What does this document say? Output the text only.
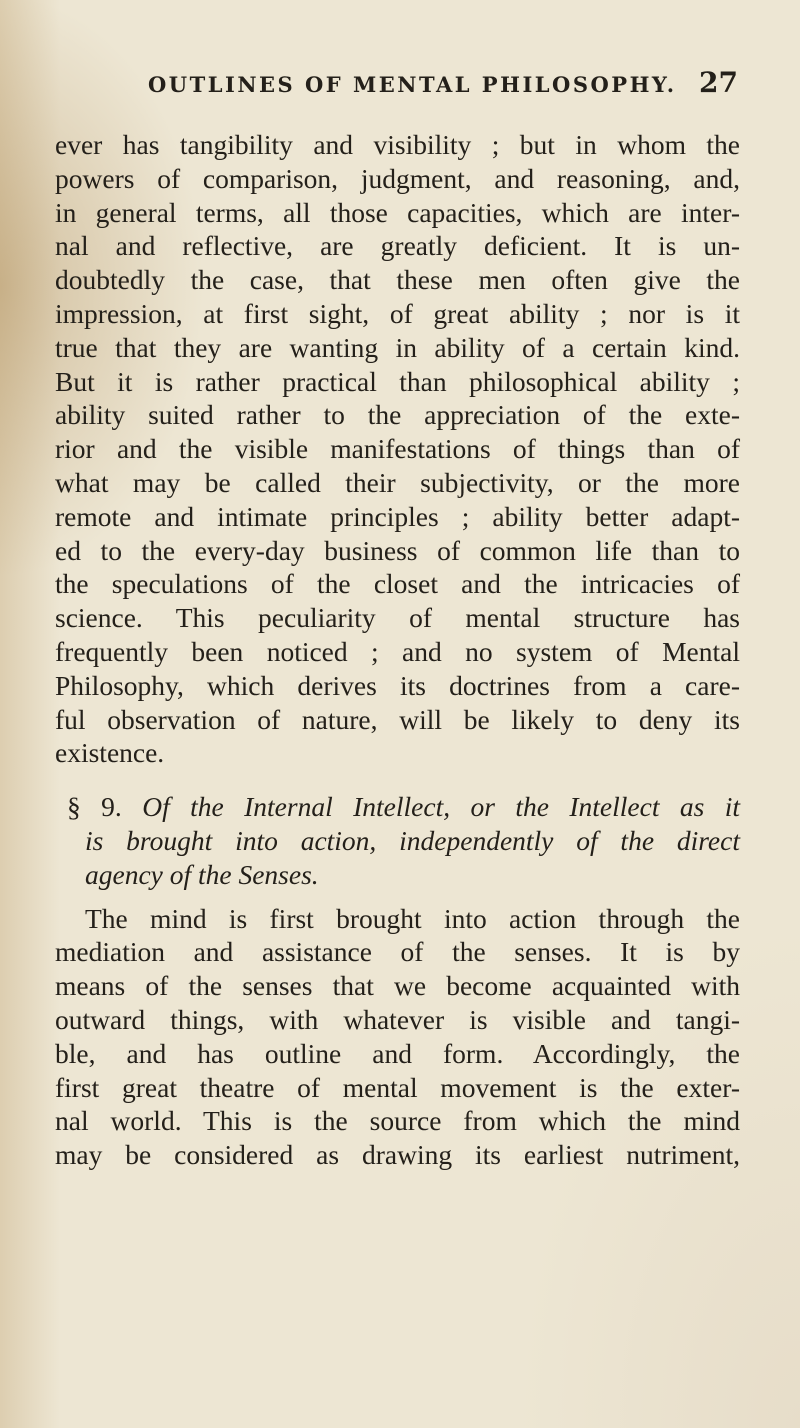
OUTLINES OF MENTAL PHILOSOPHY. 27
ever has tangibility and visibility ; but in whom the
powers of comparison, judgment, and reasoning, and,
in general terms, all those capacities, which are inter-
nal and reflective, are greatly deficient. It is un-
doubtedly the case, that these men often give the
impression, at first sight, of great ability ; nor is it
true that they are wanting in ability of a certain kind.
But it is rather practical than philosophical ability ;
ability suited rather to the appreciation of the exte-
rior and the visible manifestations of things than of
what may be called their subjectivity, or the more
remote and intimate principles ; ability better adapt-
ed to the every-day business of common life than to
the speculations of the closet and the intricacies of
science. This peculiarity of mental structure has
frequently been noticed ; and no system of Mental
Philosophy, which derives its doctrines from a care-
ful observation of nature, will be likely to deny its
existence.
§ 9. Of the Internal Intellect, or the Intellect as it
is brought into action, independently of the direct
agency of the Senses.
The mind is first brought into action through the
mediation and assistance of the senses. It is by
means of the senses that we become acquainted with
outward things, with whatever is visible and tangi-
ble, and has outline and form. Accordingly, the
first great theatre of mental movement is the exter-
nal world. This is the source from which the mind
may be considered as drawing its earliest nutriment,
